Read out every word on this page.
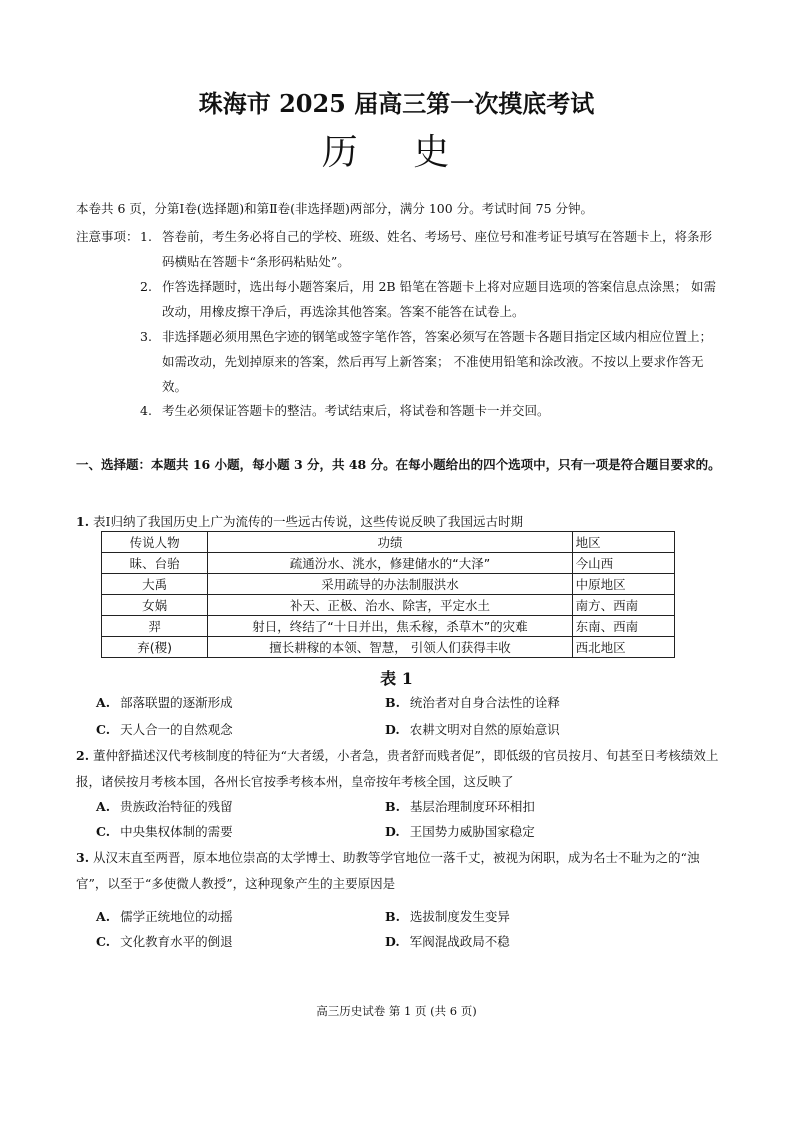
珠海市 2025 届高三第一次摸底考试
历 史
本卷共 6 页，分第Ⅰ卷(选择题)和第Ⅱ卷(非选择题)两部分，满分 100 分。考试时间 75 分钟。
注意事项： 1. 答卷前，考生务必将自己的学校、班级、姓名、考场号、座位号和准考证号填写在答题卡上，将条形码横贴在答题卡“条形码粘贴处”。
2. 作答选择题时，选出每小题答案后，用 2B 铅笔在答题卡上将对应题目选项的答案信息点涂黑； 如需改动，用橡皮擦干净后，再选涂其他答案。答案不能答在试卷上。
3. 非选择题必须用黑色字迹的钢笔或签字笔作答，答案必须写在答题卡各题目指定区域内相应位置上； 如需改动，先划掉原来的答案，然后再写上新答案； 不准使用铅笔和涂改液。不按以上要求作答无效。
4. 考生必须保证答题卡的整洁。考试结束后，将试卷和答题卡一并交回。
一、选择题：本题共 16 小题，每小题 3 分，共 48 分。在每小题给出的四个选项中，只有一项是符合题目要求的。
1. 表Ⅰ归纳了我国历史上广为流传的一些远古传说，这些传说反映了我国远古时期
传说人物	功绩	地区
昧、台骀	疏通汾水、洮水，修建储水的“大泽”	今山西
大禹	采用疏导的办法制服洪水	中原地区
女娲	补天、正极、治水、除害，平定水土	南方、西南
羿	射日，终结了“十日并出，焦禾稼，杀草木”的灾难	东南、西南
弃(稷)	擅长耕稼的本领、智慧， 引领人们获得丰收	西北地区
表 1
A. 部落联盟的逐渐形成	B. 统治者对自身合法性的诠释
C. 天人合一的自然观念	D. 农耕文明对自然的原始意识
2. 董仲舒描述汉代考核制度的特征为“大者缓，小者急，贵者舒而贱者促”，即低级的官员按月、旬甚至日考核绩效上报，诸侯按月考核本国，各州长官按季考核本州，皇帝按年考核全国，这反映了
A. 贵族政治特征的残留	B. 基层治理制度环环相扣
C. 中央集权体制的需要	D. 王国势力威胁国家稳定
3. 从汉末直至两晋，原本地位崇高的太学博士、助教等学官地位一落千丈，被视为闲职，成为名士不耻为之的“浊官”，以至于“多使微人教授”，这种现象产生的主要原因是
A. 儒学正统地位的动摇	B. 选拔制度发生变异
C. 文化教育水平的倒退	D. 军阀混战政局不稳
高三历史试卷 第 1 页 (共 6 页)
